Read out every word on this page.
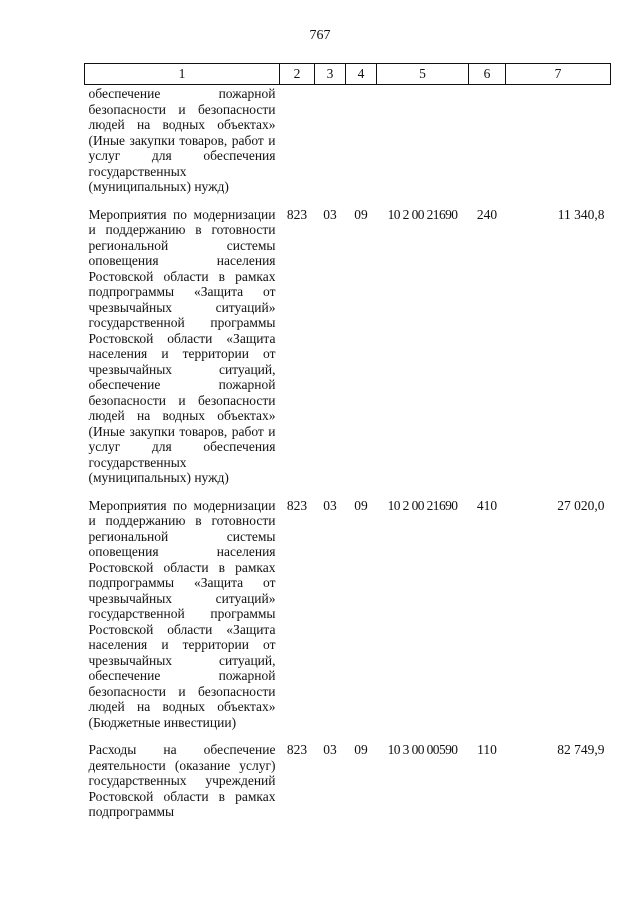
767
1	2	3	4	5	6	7

обеспечение пожарной безопасности и безопасности людей на водных объектах» (Иные закупки товаров, работ и услуг для обеспечения государственных (муниципальных) нужд)						

Мероприятия по модернизации и поддержанию в готовности региональной системы оповещения населения Ростовской области в рамках подпрограммы «Защита от чрезвычайных ситуаций» государственной программы Ростовской области «Защита населения и территории от чрезвычайных ситуаций, обеспечение пожарной безопасности и безопасности людей на водных объектах» (Иные закупки товаров, работ и услуг для обеспечения государственных (муниципальных) нужд)	823	03	09	10 2 00 21690	240	11 340,8

Мероприятия по модернизации и поддержанию в готовности региональной системы оповещения населения Ростовской области в рамках подпрограммы «Защита от чрезвычайных ситуаций» государственной программы Ростовской области «Защита населения и территории от чрезвычайных ситуаций, обеспечение пожарной безопасности и безопасности людей на водных объектах» (Бюджетные инвестиции)	823	03	09	10 2 00 21690	410	27 020,0

Расходы на обеспечение деятельности (оказание услуг) государственных учреждений Ростовской области в рамках подпрограммы	823	03	09	10 3 00 00590	110	82 749,9
